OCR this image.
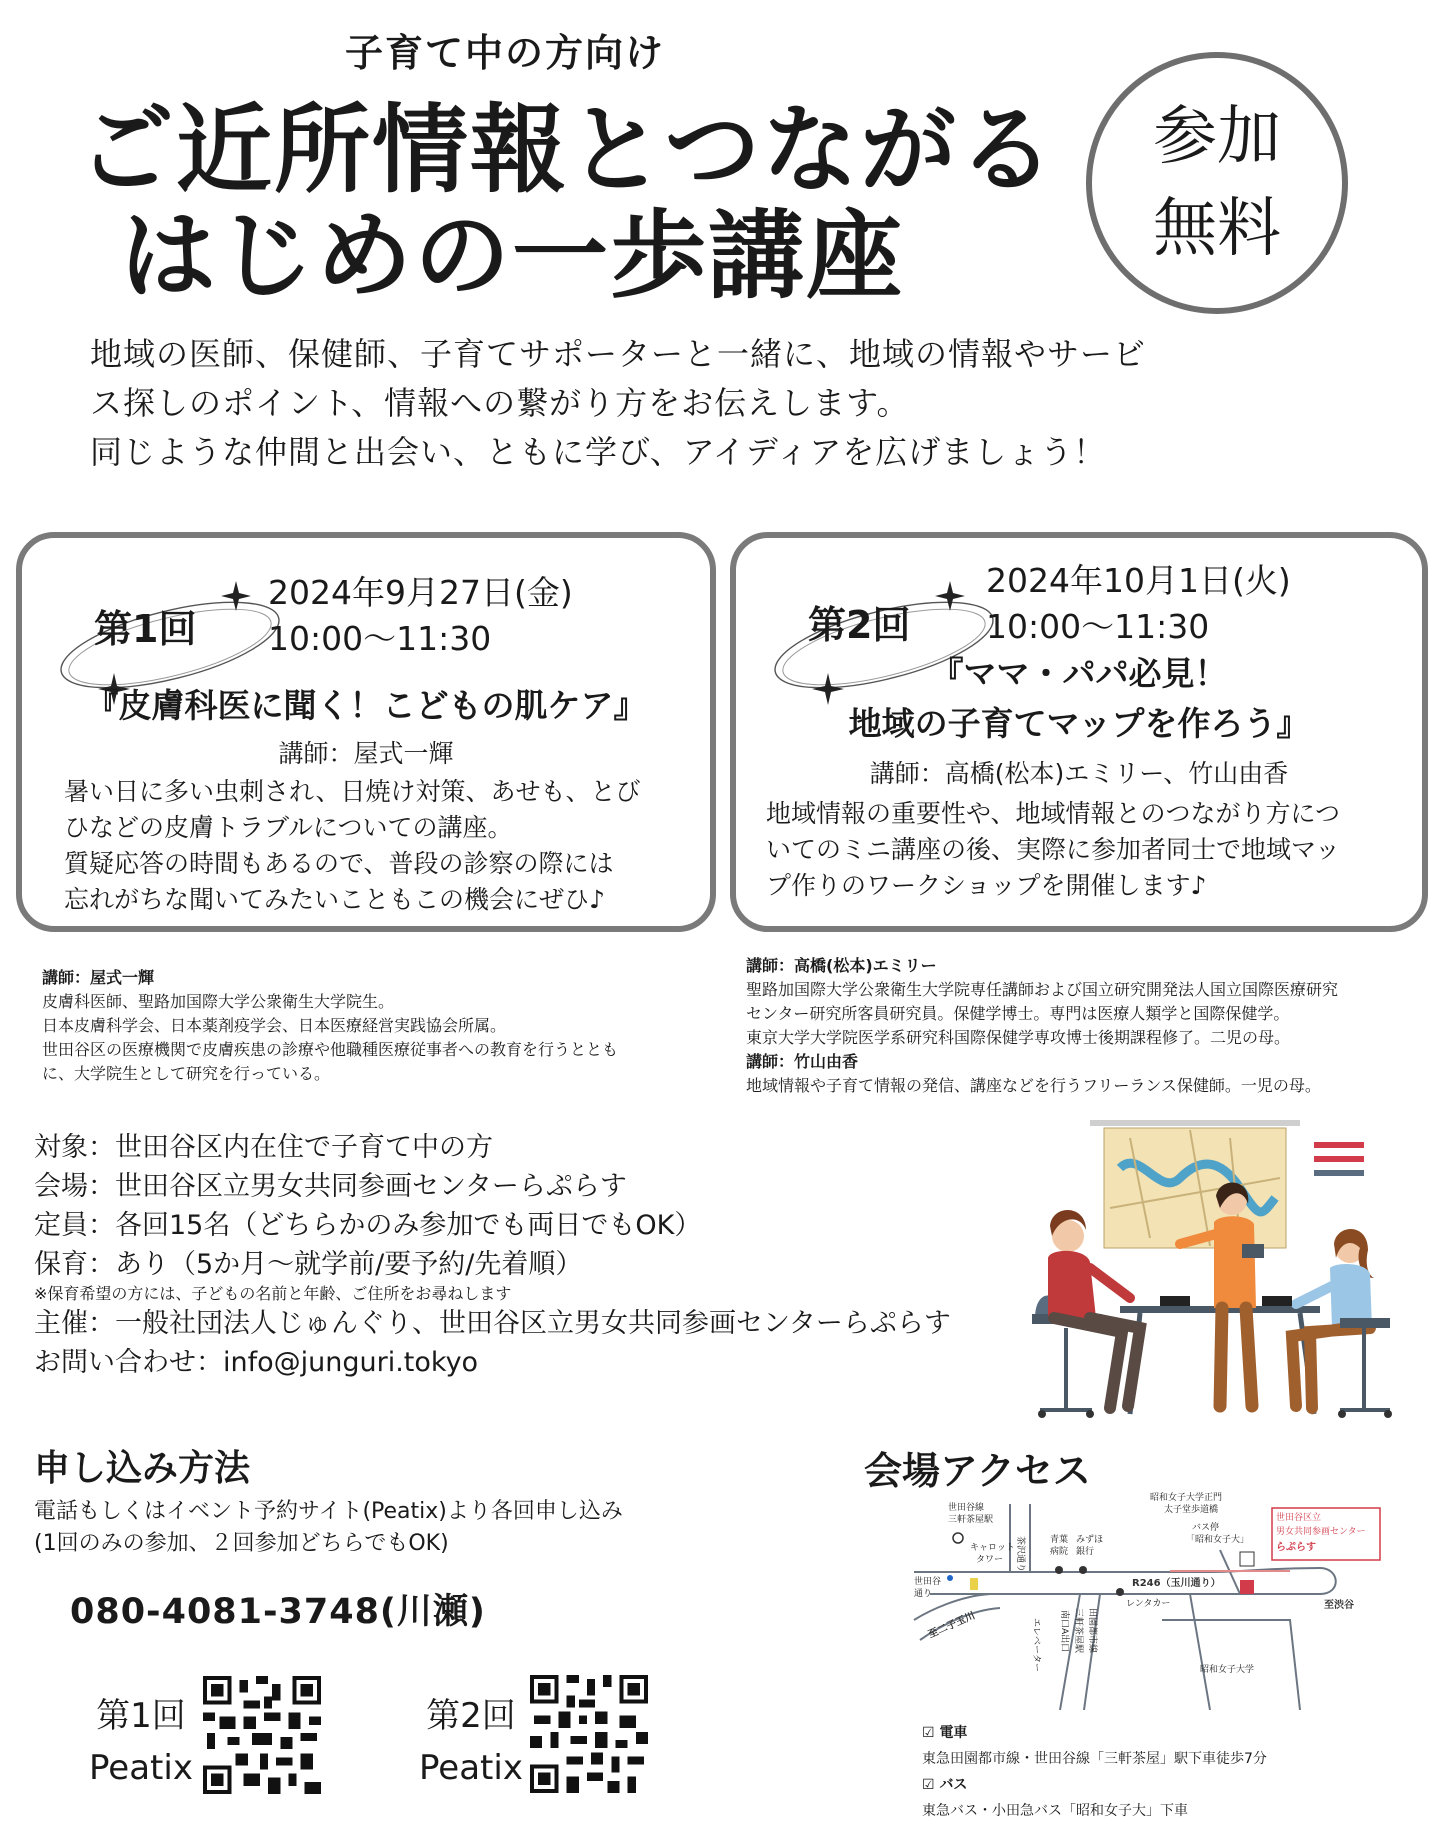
子育て中の方向け
ご近所情報とつながる
はじめの一歩講座
参加
無料
地域の医師、保健師、子育てサポーターと一緒に、地域の情報やサービ
ス探しのポイント、情報への繋がり方をお伝えします。
同じような仲間と出会い、ともに学び、アイディアを広げましょう！
第1回
2024年9月27日(金)
10:00〜11:30
『皮膚科医に聞く！こどもの肌ケア』
講師：屋式一輝
暑い日に多い虫刺され、日焼け対策、あせも、とび
ひなどの皮膚トラブルについての講座。
質疑応答の時間もあるので、普段の診察の際には
忘れがちな聞いてみたいこともこの機会にぜひ♪
第2回
2024年10月1日(火)
10:00〜11:30
『ママ・パパ必見！
地域の子育てマップを作ろう』
講師：高橋(松本)エミリー、竹山由香
地域情報の重要性や、地域情報とのつながり方につ
いてのミニ講座の後、実際に参加者同士で地域マッ
プ作りのワークショップを開催します♪
講師：屋式一輝
皮膚科医師、聖路加国際大学公衆衛生大学院生。
日本皮膚科学会、日本薬剤疫学会、日本医療経営実践協会所属。
世田谷区の医療機関で皮膚疾患の診療や他職種医療従事者への教育を行うととも
に、大学院生として研究を行っている。
講師：高橋(松本)エミリー
聖路加国際大学公衆衛生大学院専任講師および国立研究開発法人国立国際医療研究
センター研究所客員研究員。保健学博士。専門は医療人類学と国際保健学。
東京大学大学院医学系研究科国際保健学専攻博士後期課程修了。二児の母。
講師：竹山由香
地域情報や子育て情報の発信、講座などを行うフリーランス保健師。一児の母。
対象：世田谷区内在住で子育て中の方
会場：世田谷区立男女共同参画センターらぷらす
定員：各回15名（どちらかのみ参加でも両日でもOK）
保育：あり（5か月〜就学前/要予約/先着順）
※保育希望の方には、子どもの名前と年齢、ご住所をお尋ねします
主催：一般社団法人じゅんぐり、世田谷区立男女共同参画センターらぷらす
お問い合わせ：info@junguri.tokyo
申し込み方法
電話もしくはイベント予約サイト(Peatix)より各回申し込み
(1回のみの参加、２回参加どちらでもOK)
080-4081-3748(川瀬)
第1回
Peatix
第2回
Peatix
会場アクセス
世田谷線
三軒茶屋駅
キャロット
タワー
青葉
病院
みずほ
銀行
世田谷
通り
茶沢通り
R246（玉川通り）
レンタカー
至二子玉川
至渋谷
バス停
「昭和女子大」
昭和女子大学正門
太子堂歩道橋
昭和女子大学
世田谷区立
男女共同参画センター
らぷらす
エレベーター 南口A出口 三軒茶屋駅 田園都市線
☑ 電車
東急田園都市線・世田谷線「三軒茶屋」駅下車徒歩7分
☑ バス
東急バス・小田急バス「昭和女子大」下車
